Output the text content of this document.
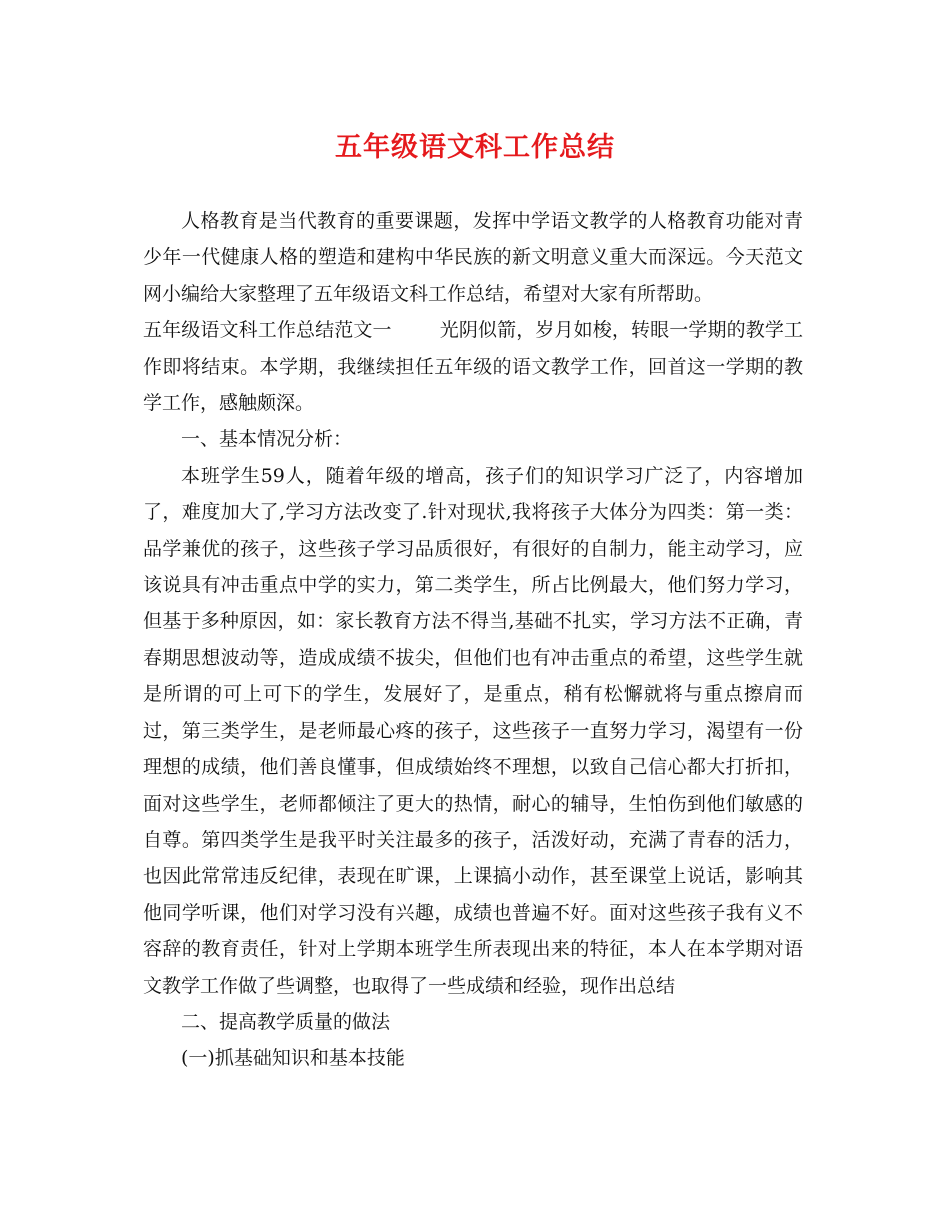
五年级语文科工作总结

人格教育是当代教育的重要课题，发挥中学语文教学的人格教育功能对青少年一代健康人格的塑造和建构中华民族的新文明意义重大而深远。今天范文网小编给大家整理了五年级语文科工作总结，希望对大家有所帮助。

五年级语文科工作总结范文一	光阴似箭，岁月如梭，转眼一学期的教学工作即将结束。本学期，我继续担任五年级的语文教学工作，回首这一学期的教学工作，感触颇深。

一、基本情况分析：

本班学生59人，随着年级的增高，孩子们的知识学习广泛了，内容增加了，难度加大了,学习方法改变了.针对现状,我将孩子大体分为四类：第一类：品学兼优的孩子，这些孩子学习品质很好，有很好的自制力，能主动学习，应该说具有冲击重点中学的实力，第二类学生，所占比例最大，他们努力学习，但基于多种原因，如：家长教育方法不得当,基础不扎实，学习方法不正确，青春期思想波动等，造成成绩不拔尖，但他们也有冲击重点的希望，这些学生就是所谓的可上可下的学生，发展好了，是重点，稍有松懈就将与重点擦肩而过，第三类学生，是老师最心疼的孩子，这些孩子一直努力学习，渴望有一份理想的成绩，他们善良懂事，但成绩始终不理想，以致自己信心都大打折扣，面对这些学生，老师都倾注了更大的热情，耐心的辅导，生怕伤到他们敏感的自尊。第四类学生是我平时关注最多的孩子，活泼好动，充满了青春的活力，也因此常常违反纪律，表现在旷课，上课搞小动作，甚至课堂上说话，影响其他同学听课，他们对学习没有兴趣，成绩也普遍不好。面对这些孩子我有义不容辞的教育责任，针对上学期本班学生所表现出来的特征，本人在本学期对语文教学工作做了些调整，也取得了一些成绩和经验，现作出总结

二、提高教学质量的做法

(一)抓基础知识和基本技能
